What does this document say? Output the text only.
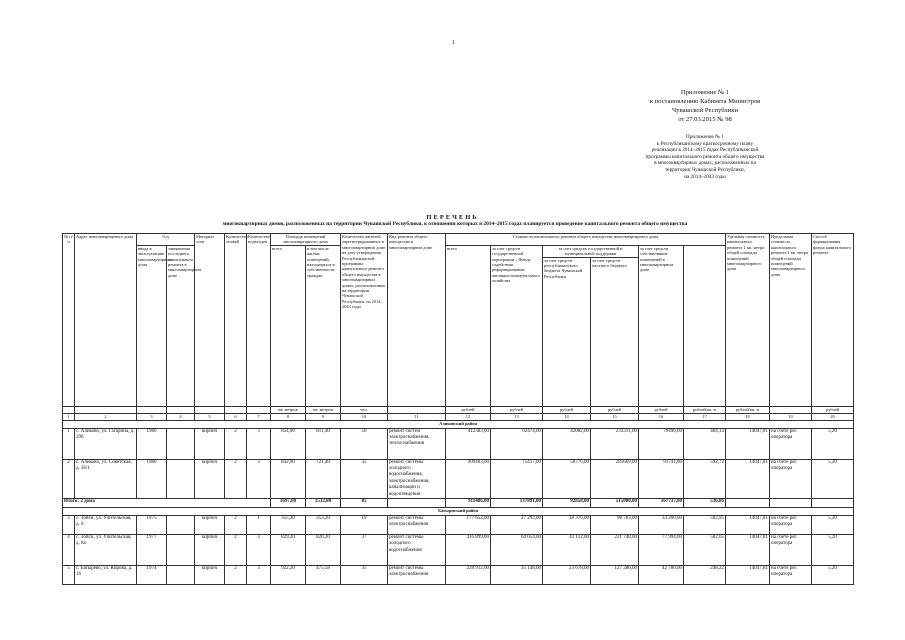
1
Приложение № 1
к постановлению Кабинета Министров
Чувашской Республики
от 27.03.2015 № 98
Приложение № 1
к Республиканскому краткосрочному плану
реализации в 2014–2015 годах Республиканской
программы капитального ремонта общего имущества
в многоквартирных домах, расположенных на
территории Чувашской Республики,
на 2014–2043 годы
ПЕРЕЧЕНЬ
многоквартирных домов, расположенных на территории Чувашской Республики, в отношении которых в 2014–2015 годах планируется проведение капитального ремонта общего имущества
№ п/п	Адрес многоквартирного дома	Год		Материал стен	Количество этажей	Количество подъездов	Площадь помещений многоквартирного дома		Количество жителей, зарегистрированных в многоквартирном доме на дату утверждения Республиканской программы капитального ремонта общего имущества в многоквартирных домах, расположенных на территории Чувашской Республики, на 2014–2043 годы	Вид ремонта общего имущества в многоквартирном доме	Стоимость капитального ремонта общего имущества многоквартирного дома						Удельная стоимость капитального ремонта 1 кв. метра общей площади помещений многоквартирного дома	Предельная стоимость капитального ремонта 1 кв. метра общей площади помещений многоквартирного дома	Способ формирования фонда капитального ремонта	
		ввода в эксплуатацию многоквартирного дома	завершения последнего капитального ремонта в многоквартирном доме				всего	в том числе жилых помещений, находящихся в собственности граждан			всего	за счет средств государственной корпорации – Фонда содействия реформированию жилищно-коммунального хозяйства	за счет средств государственной и муниципальной поддержки		за счет средств собственников помещений в многоквартирном доме					
													за счет средств республиканского бюджета Чувашской Республики	за счет средств местного бюджета						
							кв. метров	кв. метров	чел.		рублей	рублей	рублей	рублей	рублей	рублей/кв. м	рублей/кв. м		рублей	
1	2	3	4	5	6	7	8	9	10	11	12	13	14	15	16	17	18	19	20	
Аликовский район																				
1	с. Аликово, ул. Гагарина, д. 29б	1980		кирпич	2	3	854,90	811,40	50	ремонт систем электроснабжения, теплоснабжения	412383,00	62474,00	42082,00	233331,00	79496,00	484,14	14047,81	на счете рег. оператора	5,20	
2	с. Аликово, ул. Советская, д. 36/1	1980		кирпич	2	3	842,90	721,40	35	ремонт системы холодного водоснабжения, электроснабжения, канализации и водоотведения	499403,00	75417,00	50776,00	281669,00	91741,00	592,72	14047,81	на счете рег. оператора	5,20	
Итого: 2 дома							1697,80	1532,80	85		911486,00	137891,00	92858,00	515000,00	167737,00	536,86				
Батыревский район																				
3	с. Тойси, ул. Учительская, д. 6	1975		кирпич	2	1	355,20	353,20	19	ремонт системы электроснабжения	177 652,00	27 293,00	18 376,00	98 783,00	33 200,00	502,95	14047,81	на счете рег. оператора	5,20	
4	с. Тойси, ул. Учительская, д. 8а	1977		кирпич	2	3	829,20	820,20	37	ремонт системы холодного водоснабжения	416 899,00	64 054,00	43 112,00	231 740,00	77 994,00	502,65	14047,81	на счете рег. оператора	5,20	
5	с. Батырево, ул. Кирова, д. 16	1974		кирпич	2	3	922,20	475,58	35	ремонт системы электроснабжения	228 912,00	35 148,00	23 678,00	127 286,00	42 780,00	248,22	14047,81	на счете рег. оператора	5,20	
